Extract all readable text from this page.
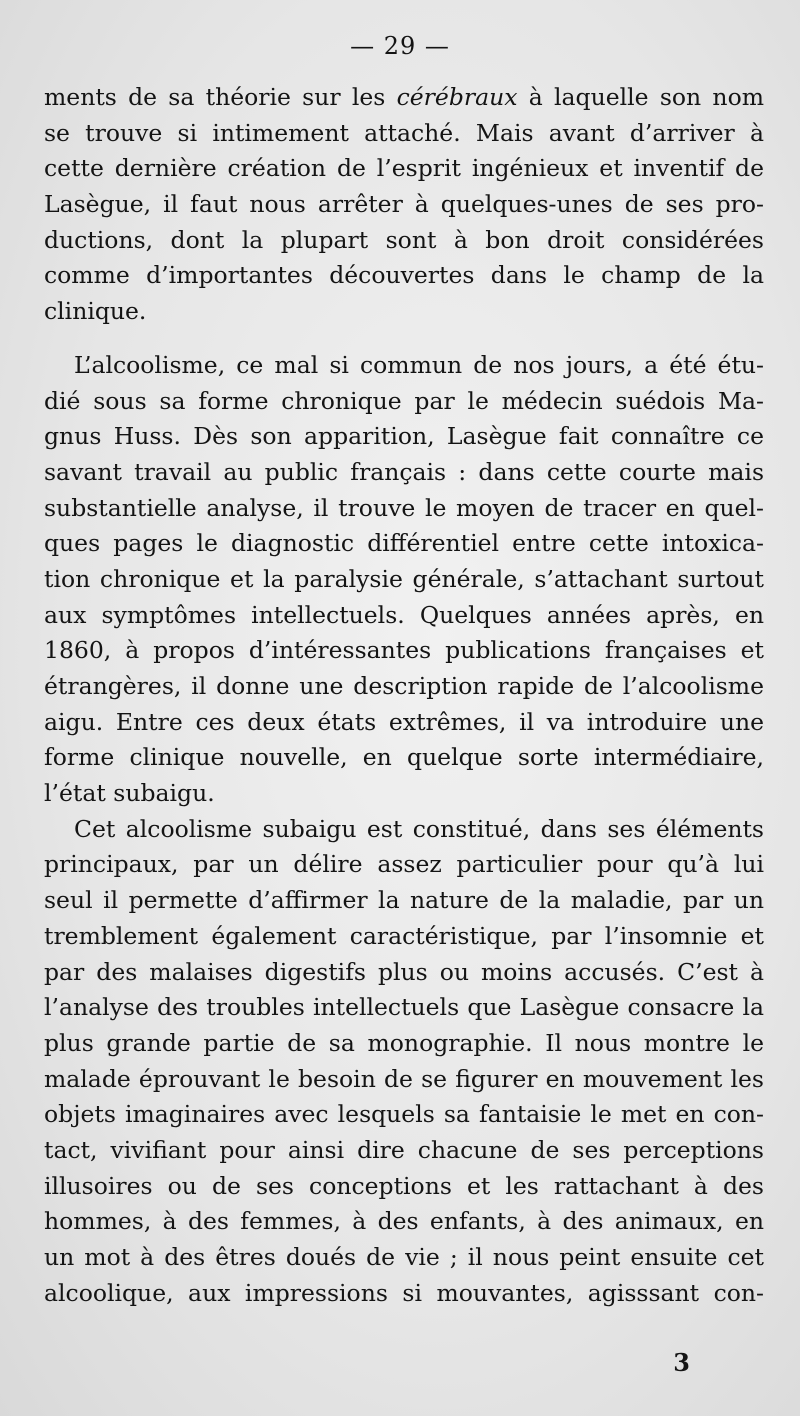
— 29 —
ments de sa théorie sur les cérébraux à laquelle son nom
se trouve si intimement attaché. Mais avant d’arriver à
cette dernière création de l’esprit ingénieux et inventif de
Lasègue, il faut nous arrêter à quelques-unes de ses pro-
ductions, dont la plupart sont à bon droit considérées
comme d’importantes découvertes dans le champ de la
clinique.
L’alcoolisme, ce mal si commun de nos jours, a été étu-
dié sous sa forme chronique par le médecin suédois Ma-
gnus Huss. Dès son apparition, Lasègue fait connaître ce
savant travail au public français : dans cette courte mais
substantielle analyse, il trouve le moyen de tracer en quel-
ques pages le diagnostic différentiel entre cette intoxica-
tion chronique et la paralysie générale, s’attachant surtout
aux symptômes intellectuels. Quelques années après, en
1860, à propos d’intéressantes publications françaises et
étrangères, il donne une description rapide de l’alcoolisme
aigu. Entre ces deux états extrêmes, il va introduire une
forme clinique nouvelle, en quelque sorte intermédiaire,
l’état subaigu.
Cet alcoolisme subaigu est constitué, dans ses éléments
principaux, par un délire assez particulier pour qu’à lui
seul il permette d’affirmer la nature de la maladie, par un
tremblement également caractéristique, par l’insomnie et
par des malaises digestifs plus ou moins accusés. C’est à
l’analyse des troubles intellectuels que Lasègue consacre la
plus grande partie de sa monographie. Il nous montre le
malade éprouvant le besoin de se figurer en mouvement les
objets imaginaires avec lesquels sa fantaisie le met en con-
tact, vivifiant pour ainsi dire chacune de ses perceptions
illusoires ou de ses conceptions et les rattachant à des
hommes, à des femmes, à des enfants, à des animaux, en
un mot à des êtres doués de vie ; il nous peint ensuite cet
alcoolique, aux impressions si mouvantes, agisssant con-
3
